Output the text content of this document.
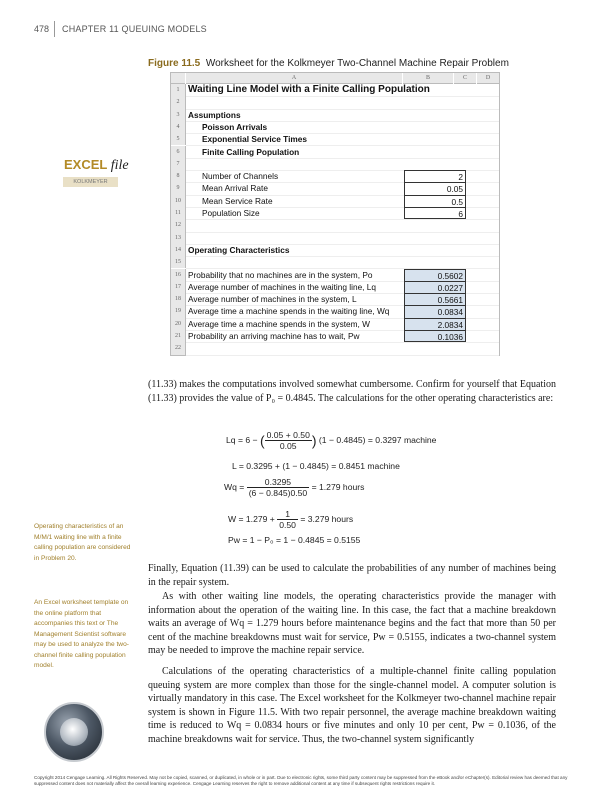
478 CHAPTER 11 QUEUING MODELS
Figure 11.5 Worksheet for the Kolkmeyer Two-Channel Machine Repair Problem
A	B	C	D
1 Waiting Line Model with a Finite Calling Population
2
3	Assumptions
4	Poisson Arrivals
5	Exponential Service Times
6	Finite Calling Population
7
8	Number of Channels	2
9	Mean Arrival Rate	0.05
10	Mean Service Rate	0.5
11	Population Size	6
12
13
14 Operating Characteristics
15
16 Probability that no machines are in the system, Po	0.5602
17 Average number of machines in the waiting line, Lq	0.0227
18 Average number of machines in the system, L	0.5661
19 Average time a machine spends in the waiting line, Wq	0.0834
20 Average time a machine spends in the system, W	2.0834
21 Probability an arriving machine has to wait, Pw	0.1036
22
EXCEL file
KOLKMEYER
Operating characteristics of an M/M/1 waiting line with a finite calling population are considered in Problem 20.
An Excel worksheet template on the online platform that accompanies this text or The Management Scientist software may be used to analyze the two-channel finite calling population model.
(11.33) makes the computations involved somewhat cumbersome. Confirm for yourself that Equation (11.33) provides the value of P₀ = 0.4845. The calculations for the other operating characteristics are:
Lq = 6 − ( $\frac{0.05 + 0.50}{0.05}$ ) (1 − 0.4845) = 0.3297 machine
L = 0.3295 + (1 − 0.4845) = 0.8451 machine
$Wq = \frac{0.3295}{(6 - 0.845)0.50} = 1.279$ hours
$W = 1.279 + \frac{1}{0.50} = 3.279$ hours
Pw = 1 − P₀ = 1 − 0.4845 = 0.5155
Finally, Equation (11.39) can be used to calculate the probabilities of any number of machines being in the repair system.
As with other waiting line models, the operating characteristics provide the manager with information about the operation of the waiting line. In this case, the fact that a machine breakdown waits an average of Wq = 1.279 hours before maintenance begins and the fact that more than 50 per cent of the machine breakdowns must wait for service, Pw = 0.5155, indicates a two-channel system may be needed to improve the machine repair service.
Calculations of the operating characteristics of a multiple-channel finite calling population queuing system are more complex than those for the single-channel model. A computer solution is virtually mandatory in this case. The Excel worksheet for the Kolkmeyer two-channel machine repair system is shown in Figure 11.5. With two repair personnel, the average machine breakdown waiting time is reduced to Wq = 0.0834 hours or five minutes and only 10 per cent, Pw = 0.1036, of the machine breakdowns wait for service. Thus, the two-channel system significantly
Copyright 2014 Cengage Learning. All Rights Reserved. May not be copied, scanned, or duplicated, in whole or in part. Due to electronic rights, some third party content may be suppressed from the eBook and/or eChapter(s). Editorial review has deemed that any suppressed content does not materially affect the overall learning experience. Cengage Learning reserves the right to remove additional content at any time if subsequent rights restrictions require it.
